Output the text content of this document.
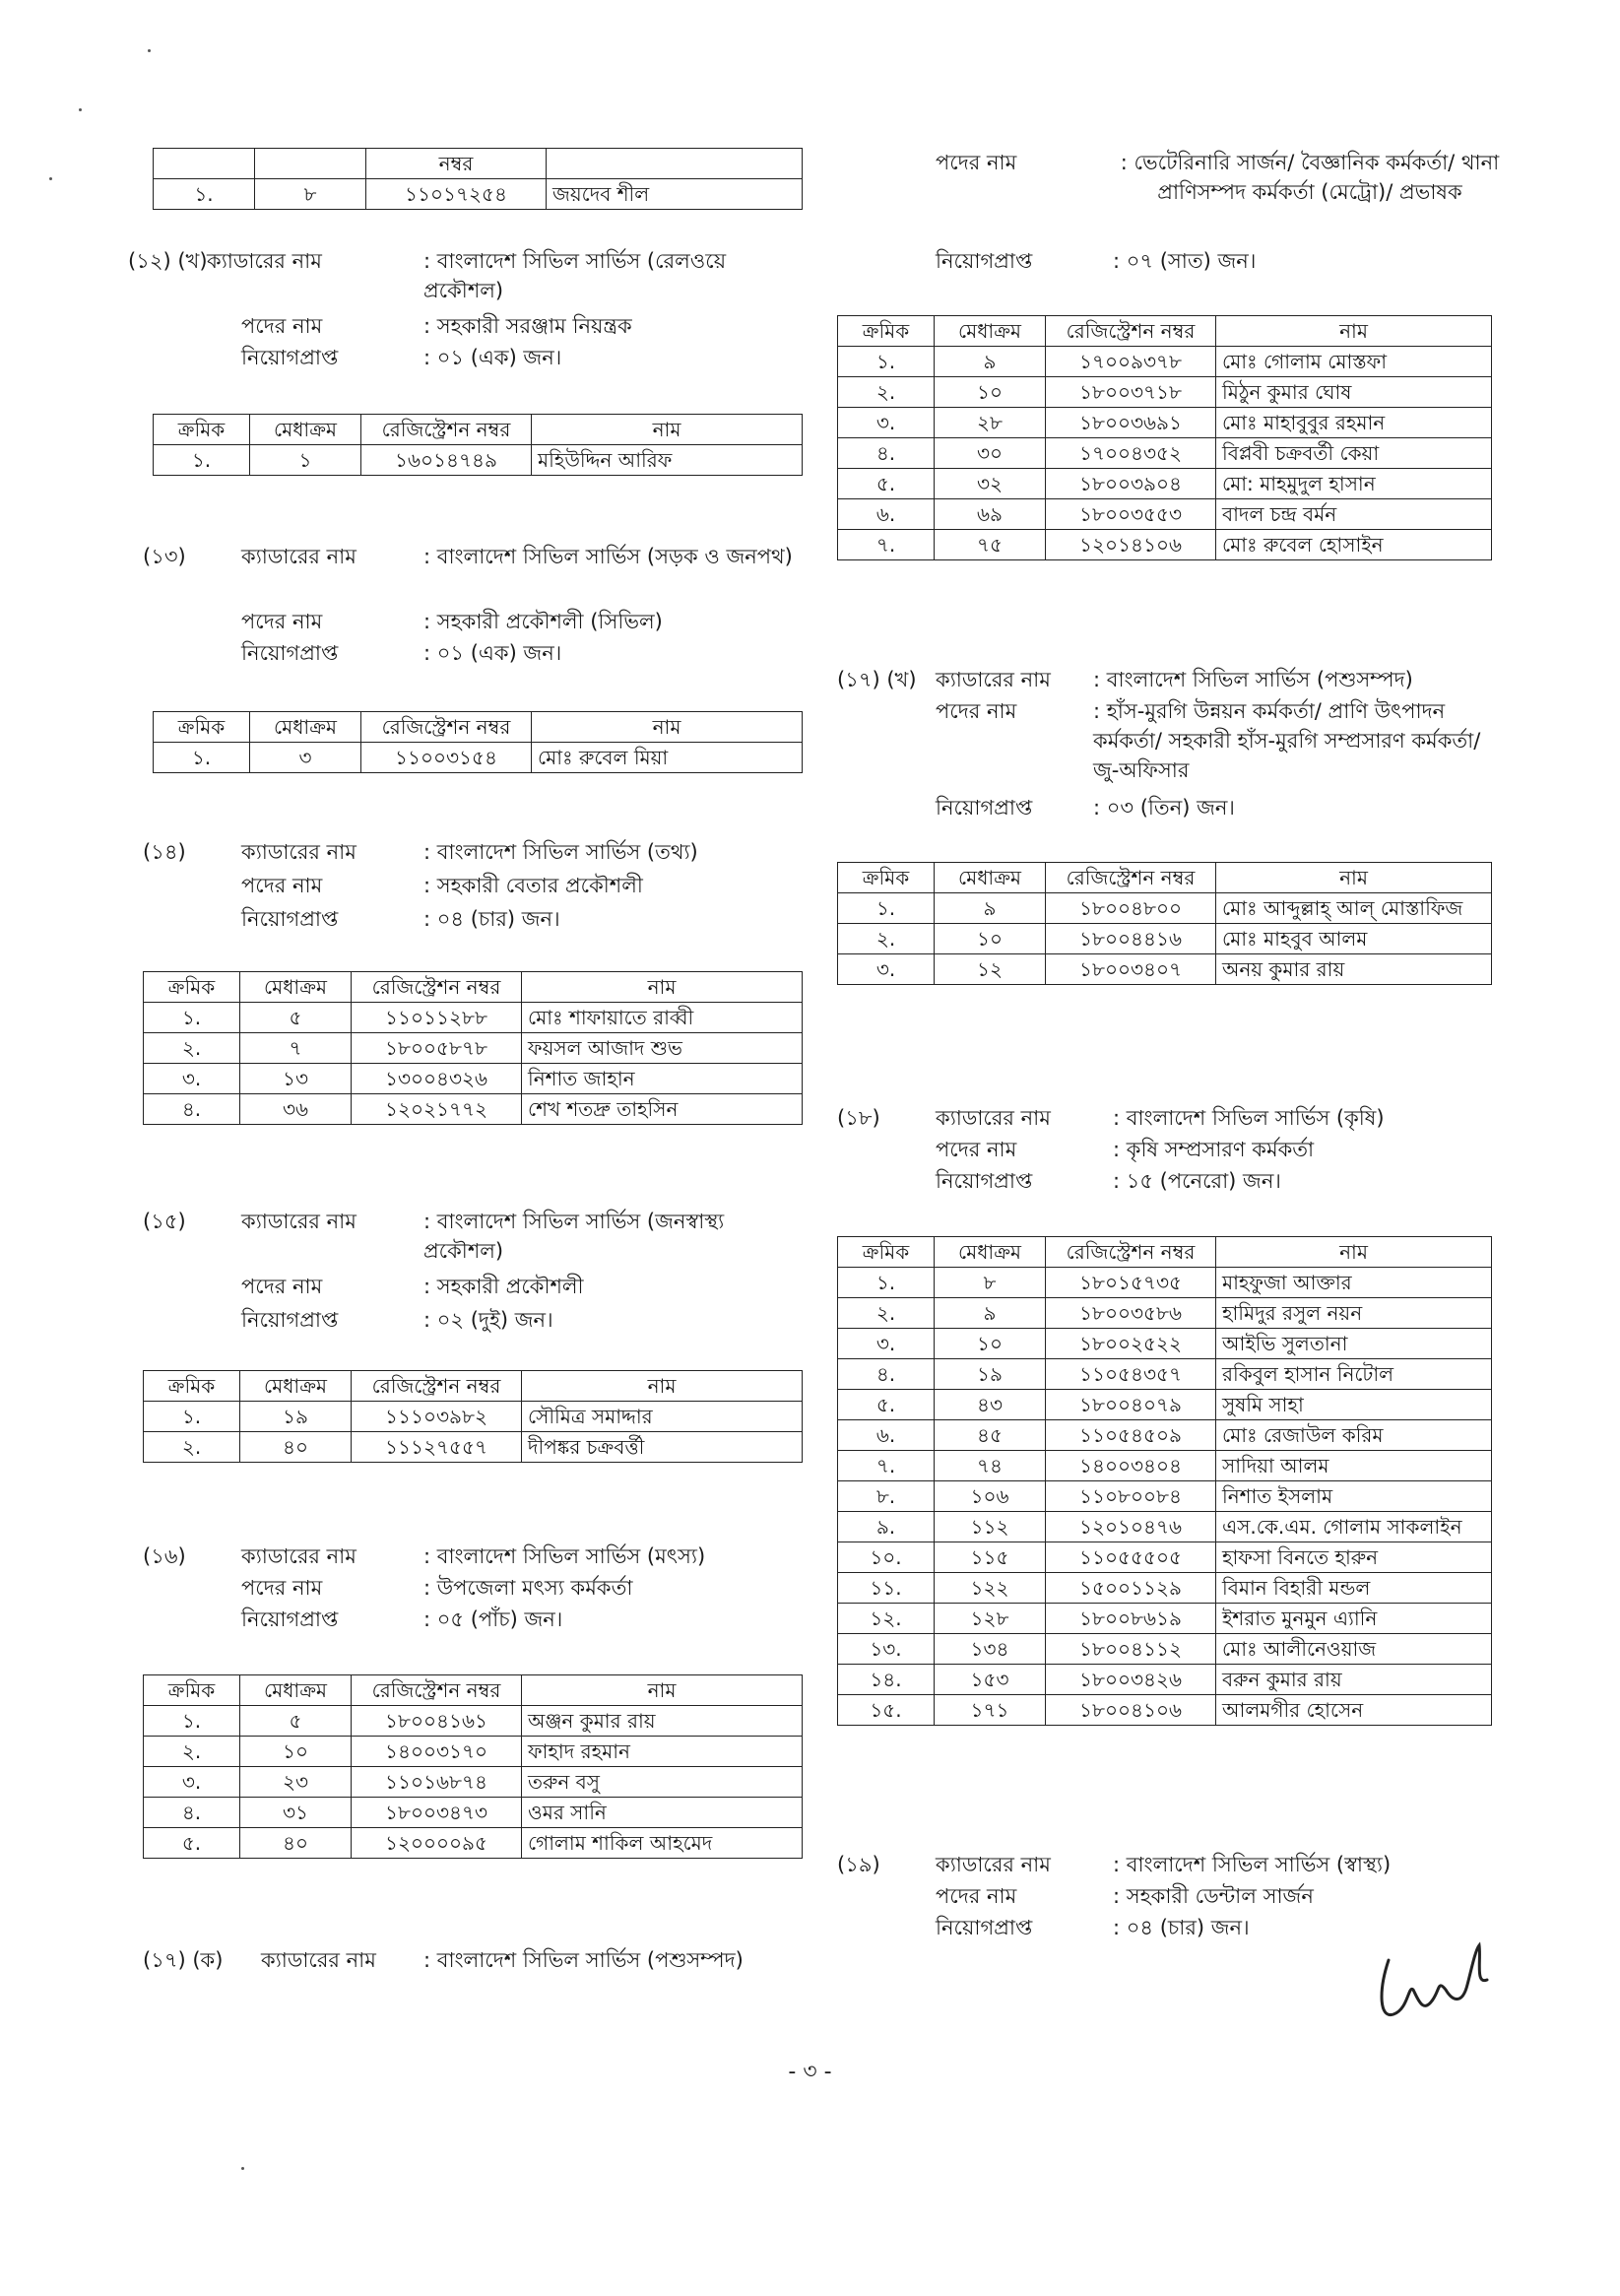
		নম্বর	
১.	৮	১১০১৭২৫৪	জয়দেব শীল
(১২) (খ) ক্যাডারের নাম	: বাংলাদেশ সিভিল সার্ভিস (রেলওয়ে প্রকৌশল)
পদের নাম	: সহকারী সরঞ্জাম নিয়ন্ত্রক
নিয়োগপ্রাপ্ত	: ০১ (এক) জন।
ক্রমিক	মেধাক্রম	রেজিস্ট্রেশন নম্বর	নাম
১.	১	১৬০১৪৭৪৯	মহিউদ্দিন আরিফ
(১৩)	ক্যাডারের নাম	: বাংলাদেশ সিভিল সার্ভিস (সড়ক ও জনপথ)
পদের নাম	: সহকারী প্রকৌশলী (সিভিল)
নিয়োগপ্রাপ্ত	: ০১ (এক) জন।
ক্রমিক	মেধাক্রম	রেজিস্ট্রেশন নম্বর	নাম
১.	৩	১১০০৩১৫৪	মোঃ রুবেল মিয়া
(১৪)	ক্যাডারের নাম	: বাংলাদেশ সিভিল সার্ভিস (তথ্য)
পদের নাম	: সহকারী বেতার প্রকৌশলী
নিয়োগপ্রাপ্ত	: ০৪ (চার) জন।
ক্রমিক	মেধাক্রম	রেজিস্ট্রেশন নম্বর	নাম
১.	৫	১১০১১২৮৮	মোঃ শাফায়াতে রাব্বী
২.	৭	১৮০০৫৮৭৮	ফয়সল আজাদ শুভ
৩.	১৩	১৩০০৪৩২৬	নিশাত জাহান
৪.	৩৬	১২০২১৭৭২	শেখ শতদ্রু তাহসিন
(১৫)	ক্যাডারের নাম	: বাংলাদেশ সিভিল সার্ভিস (জনস্বাস্থ্য প্রকৌশল)
পদের নাম	: সহকারী প্রকৌশলী
নিয়োগপ্রাপ্ত	: ০২ (দুই) জন।
ক্রমিক	মেধাক্রম	রেজিস্ট্রেশন নম্বর	নাম
১.	১৯	১১১০৩৯৮২	সৌমিত্র সমাদ্দার
২.	৪০	১১১২৭৫৫৭	দীপঙ্কর চক্রবর্ত্তী
(১৬)	ক্যাডারের নাম	: বাংলাদেশ সিভিল সার্ভিস (মৎস্য)
পদের নাম	: উপজেলা মৎস্য কর্মকর্তা
নিয়োগপ্রাপ্ত	: ০৫ (পাঁচ) জন।
ক্রমিক	মেধাক্রম	রেজিস্ট্রেশন নম্বর	নাম
১.	৫	১৮০০৪১৬১	অঞ্জন কুমার রায়
২.	১০	১৪০০৩১৭০	ফাহাদ রহমান
৩.	২৩	১১০১৬৮৭৪	তরুন বসু
৪.	৩১	১৮০০৩৪৭৩	ওমর সানি
৫.	৪০	১২০০০০৯৫	গোলাম শাকিল আহমেদ
(১৭) (ক) ক্যাডারের নাম : বাংলাদেশ সিভিল সার্ভিস (পশুসম্পদ)
পদের নাম	: ভেটেরিনারি সার্জন/ বৈজ্ঞানিক কর্মকর্তা/ থানা প্রাণিসম্পদ কর্মকর্তা (মেট্রো)/ প্রভাষক
নিয়োগপ্রাপ্ত	: ০৭ (সাত) জন।
ক্রমিক	মেধাক্রম	রেজিস্ট্রেশন নম্বর	নাম
১.	৯	১৭০০৯৩৭৮	মোঃ গোলাম মোস্তফা
২.	১০	১৮০০৩৭১৮	মিঠুন কুমার ঘোষ
৩.	২৮	১৮০০৩৬৯১	মোঃ মাহাবুবুর রহমান
৪.	৩০	১৭০০৪৩৫২	বিপ্লবী চক্রবর্তী কেয়া
৫.	৩২	১৮০০৩৯০৪	মো: মাহমুদুল হাসান
৬.	৬৯	১৮০০৩৫৫৩	বাদল চন্দ্র বর্মন
৭.	৭৫	১২০১৪১০৬	মোঃ রুবেল হোসাইন
(১৭) (খ) ক্যাডারের নাম : বাংলাদেশ সিভিল সার্ভিস (পশুসম্পদ)
পদের নাম	: হাঁস-মুরগি উন্নয়ন কর্মকর্তা/ প্রাণি উৎপাদন কর্মকর্তা/ সহকারী হাঁস-মুরগি সম্প্রসারণ কর্মকর্তা/ জু-অফিসার
নিয়োগপ্রাপ্ত	: ০৩ (তিন) জন।
ক্রমিক	মেধাক্রম	রেজিস্ট্রেশন নম্বর	নাম
১.	৯	১৮০০৪৮০০	মোঃ আব্দুল্লাহ্ আল্ মোস্তাফিজ
২.	১০	১৮০০৪৪১৬	মোঃ মাহবুব আলম
৩.	১২	১৮০০৩৪০৭	অনয় কুমার রায়
(১৮)	ক্যাডারের নাম	: বাংলাদেশ সিভিল সার্ভিস (কৃষি)
পদের নাম	: কৃষি সম্প্রসারণ কর্মকর্তা
নিয়োগপ্রাপ্ত	: ১৫ (পনেরো) জন।
ক্রমিক	মেধাক্রম	রেজিস্ট্রেশন নম্বর	নাম
১.	৮	১৮০১৫৭৩৫	মাহফুজা আক্তার
২.	৯	১৮০০৩৫৮৬	হামিদুর রসুল নয়ন
৩.	১০	১৮০০২৫২২	আইভি সুলতানা
৪.	১৯	১১০৫৪৩৫৭	রকিবুল হাসান নিটোল
৫.	৪৩	১৮০০৪০৭৯	সুষমি সাহা
৬.	৪৫	১১০৫৪৫০৯	মোঃ রেজাউল করিম
৭.	৭৪	১৪০০৩৪০৪	সাদিয়া আলম
৮.	১০৬	১১০৮০০৮৪	নিশাত ইসলাম
৯.	১১২	১২০১০৪৭৬	এস.কে.এম. গোলাম সাকলাইন
১০.	১১৫	১১০৫৫৫০৫	হাফসা বিনতে হারুন
১১.	১২২	১৫০০১১২৯	বিমান বিহারী মন্ডল
১২.	১২৮	১৮০০৮৬১৯	ইশরাত মুনমুন এ্যানি
১৩.	১৩৪	১৮০০৪১১২	মোঃ আলীনেওয়াজ
১৪.	১৫৩	১৮০০৩৪২৬	বরুন কুমার রায়
১৫.	১৭১	১৮০০৪১০৬	আলমগীর হোসেন
(১৯)	ক্যাডারের নাম	: বাংলাদেশ সিভিল সার্ভিস (স্বাস্থ্য)
পদের নাম	: সহকারী ডেন্টাল সার্জন
নিয়োগপ্রাপ্ত	: ০৪ (চার) জন।
- ৩ -
